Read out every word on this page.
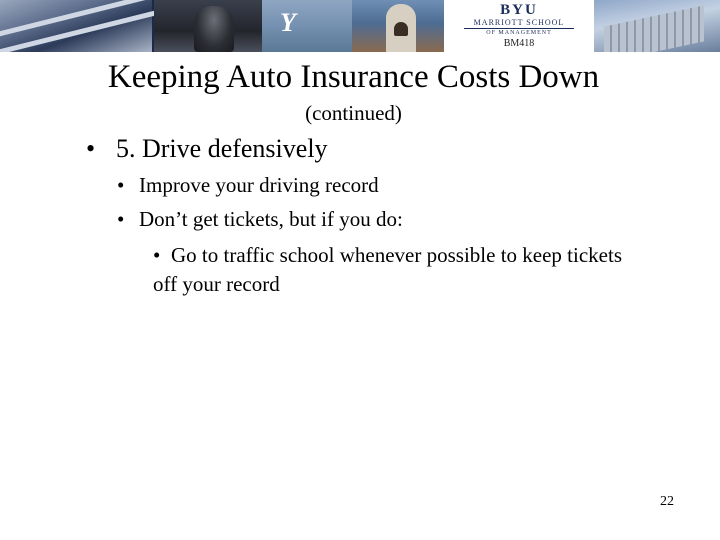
Y	BYU
MARRIOTT SCHOOL
OF MANAGEMENT
BM418
Keeping Auto Insurance Costs Down
(continued)
• 5. Drive defensively
• Improve your driving record
• Don’t get tickets, but if you do:
• Go to traffic school whenever possible to keep tickets off your record
22
